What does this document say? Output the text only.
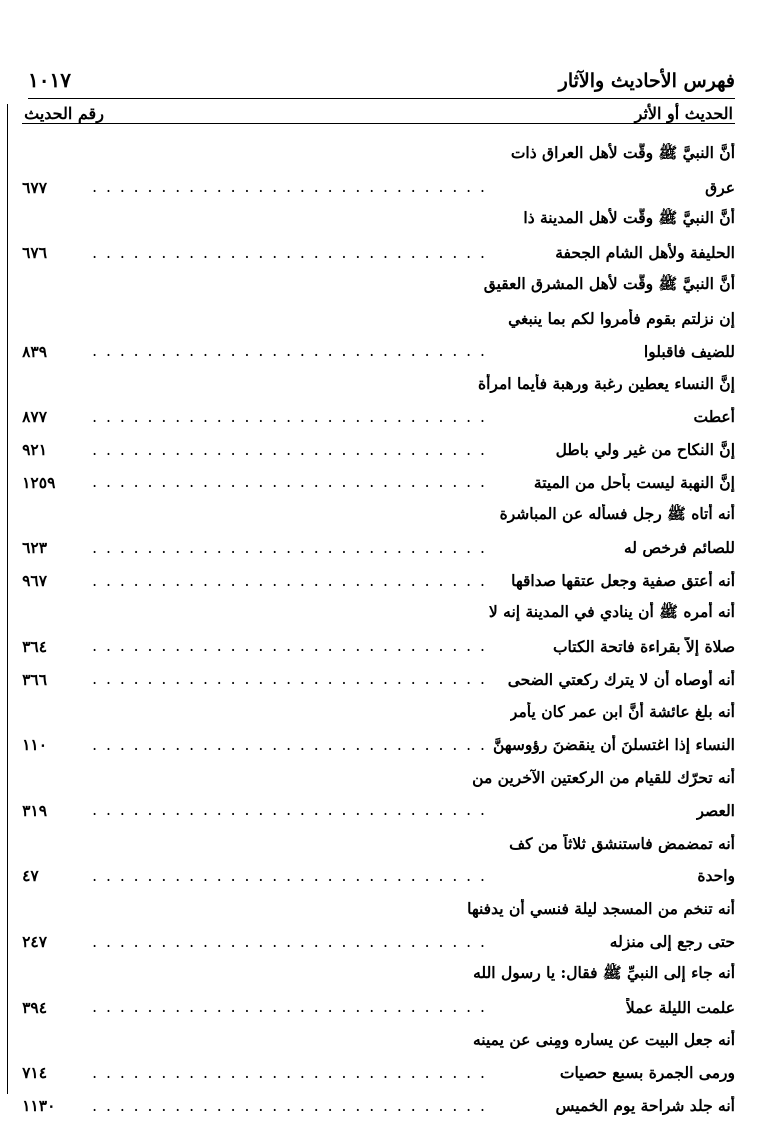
فهرس الأحاديث والآثار
١٠١٧
الحديث أو الأثر
رقم الحديث
أنَّ النبيَّ ﷺ وقَّت لأهل العراق ذات
عرق
. . . . . . . . . . . . . . . . . . . . . . . . . . . . .
٦٧٧
أنَّ النبيَّ ﷺ وقَّت لأهل المدينة ذا
الحليفة ولأهل الشام الجحفة
. . . . . . . . . . . . . . . . . . . . . . . . . . . . .
٦٧٦
أنَّ النبيَّ ﷺ وقَّت لأهل المشرق العقيق
إن نزلتم بقوم فأمروا لكم بما ينبغي
للضيف فاقبلوا
. . . . . . . . . . . . . . . . . . . . . . . . . . . . .
٨٣٩
إنَّ النساء يعطين رغبة ورهبة فأيما امرأة
أعطت
. . . . . . . . . . . . . . . . . . . . . . . . . . . . .
٨٧٧
إنَّ النكاح من غير ولي باطل
. . . . . . . . . . . . . . . . . . . . . . . . . . . . .
٩٢١
إنَّ النهبة ليست بأحل من الميتة
. . . . . . . . . . . . . . . . . . . . . . . . . . . . .
١٢٥٩
أنه أتاه ﷺ رجل فسأله عن المباشرة
للصائم فرخص له
. . . . . . . . . . . . . . . . . . . . . . . . . . . . .
٦٢٣
أنه أعتق صفية وجعل عتقها صداقها
. . . . . . . . . . . . . . . . . . . . . . . . . . . . .
٩٦٧
أنه أمره ﷺ أن ينادي في المدينة إنه لا
صلاة إلاَّ بقراءة فاتحة الكتاب
. . . . . . . . . . . . . . . . . . . . . . . . . . . . .
٣٦٤
أنه أوصاه أن لا يترك ركعتي الضحى
. . . . . . . . . . . . . . . . . . . . . . . . . . . . .
٣٦٦
أنه بلغ عائشة أنَّ ابن عمر كان يأمر
النساء إذا اغتسلنَ أن ينقضنَ رؤوسهنَّ
. . . . . . . . . . . . . . . . . . . . . . . . . . . . .
١١٠
أنه تحرّك للقيام من الركعتين الآخرين من
العصر
. . . . . . . . . . . . . . . . . . . . . . . . . . . . .
٣١٩
أنه تمضمض فاستنشق ثلاثاً من كف
واحدة
. . . . . . . . . . . . . . . . . . . . . . . . . . . . .
٤٧
أنه تنخم من المسجد ليلة فنسي أن يدفنها
حتى رجع إلى منزله
. . . . . . . . . . . . . . . . . . . . . . . . . . . . .
٢٤٧
أنه جاء إلى النبيِّ ﷺ فقال: يا رسول الله
علمت الليلة عملاً
. . . . . . . . . . . . . . . . . . . . . . . . . . . . .
٣٩٤
أنه جعل البيت عن يساره ومِنى عن يمينه
ورمى الجمرة بسبع حصيات
. . . . . . . . . . . . . . . . . . . . . . . . . . . . .
٧١٤
أنه جلد شراحة يوم الخميس
. . . . . . . . . . . . . . . . . . . . . . . . . . . . .
١١٣٠
